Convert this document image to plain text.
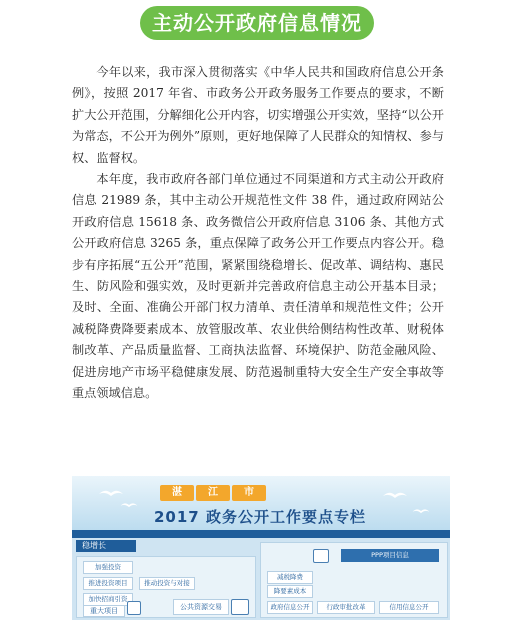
主动公开政府信息情况

今年以来，我市深入贯彻落实《中华人民共和国政府信息公开条例》，按照 2017 年省、市政务公开政务服务工作要点的要求，不断扩大公开范围，分解细化公开内容，切实增强公开实效，坚持“以公开为常态，不公开为例外”原则，更好地保障了人民群众的知情权、参与权、监督权。

本年度，我市政府各部门单位通过不同渠道和方式主动公开政府信息 21989 条，其中主动公开规范性文件 38 件，通过政府网站公开政府信息 15618 条、政务微信公开政府信息 3106 条、其他方式公开政府信息 3265 条，重点保障了政务公开工作要点内容公开。稳步有序拓展“五公开”范围，紧紧围绕稳增长、促改革、调结构、惠民生、防风险和强实效，及时更新并完善政府信息主动公开基本目录；及时、全面、准确公开部门权力清单、责任清单和规范性文件；公开减税降费降要素成本、放管服改革、农业供给侧结构性改革、财税体制改革、产品质量监督、工商执法监督、环境保护、防范金融风险、促进房地产市场平稳健康发展、防范遏制重特大安全生产安全事故等重点领域信息。

湛	江	市
2017 政务公开工作要点专栏
稳增长
加强投资
推进投资项目	推动投资与对接
加快招商引资
重大项目	公共资源交易
PPP项目信息
减税降费
降要素成本
政府信息公开	行政审批改革	信用信息公开
